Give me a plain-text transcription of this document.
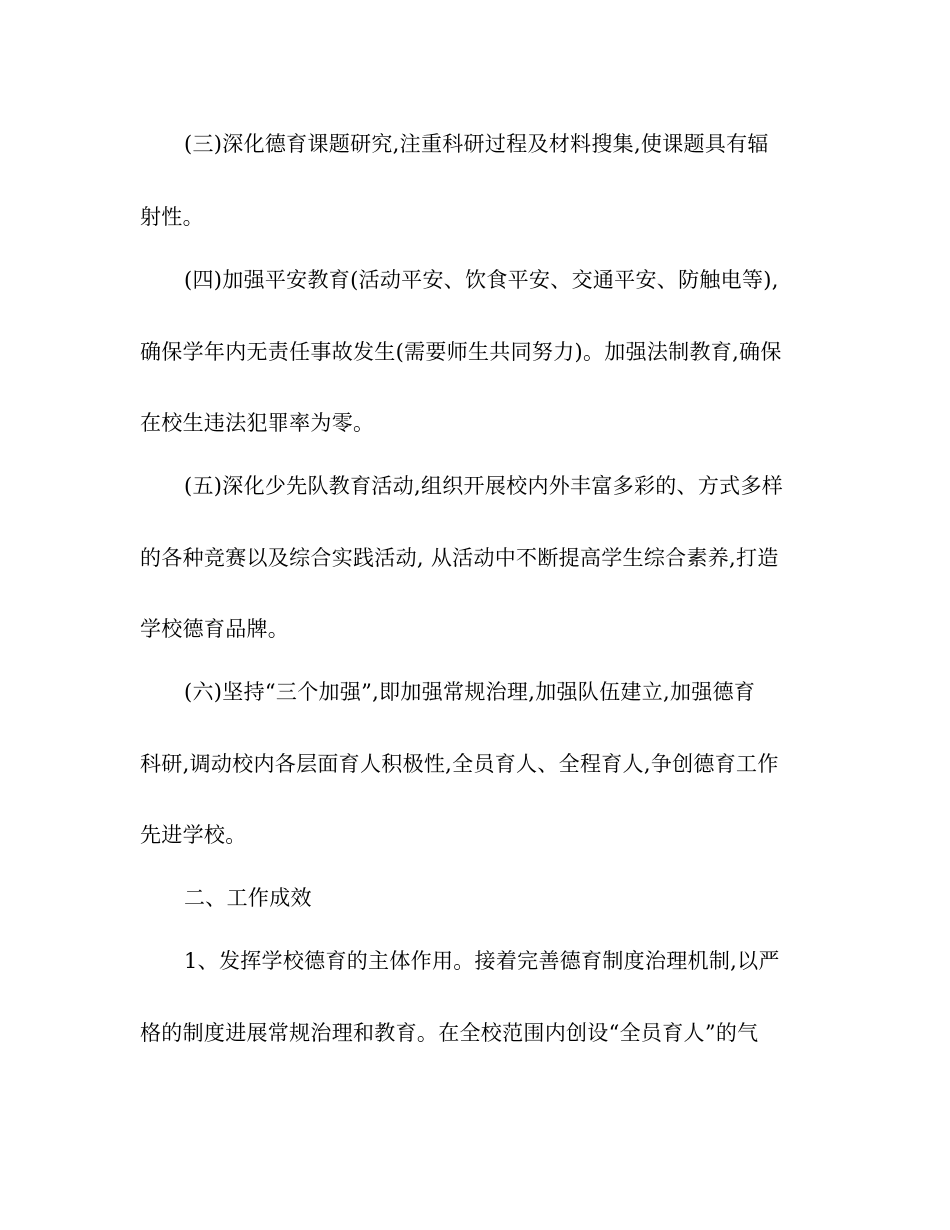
(三)深化德育课题研究,注重科研过程及材料搜集,使课题具有辐
射性。
(四)加强平安教育(活动平安、饮食平安、交通平安、防触电等),
确保学年内无责任事故发生(需要师生共同努力)。加强法制教育,确保
在校生违法犯罪率为零。
(五)深化少先队教育活动,组织开展校内外丰富多彩的、方式多样
的各种竞赛以及综合实践活动, 从活动中不断提高学生综合素养,打造
学校德育品牌。
(六)坚持“三个加强”,即加强常规治理,加强队伍建立,加强德育
科研,调动校内各层面育人积极性,全员育人、全程育人,争创德育工作
先进学校。
二、工作成效
1、发挥学校德育的主体作用。接着完善德育制度治理机制,以严
格的制度进展常规治理和教育。在全校范围内创设“全员育人”的气
